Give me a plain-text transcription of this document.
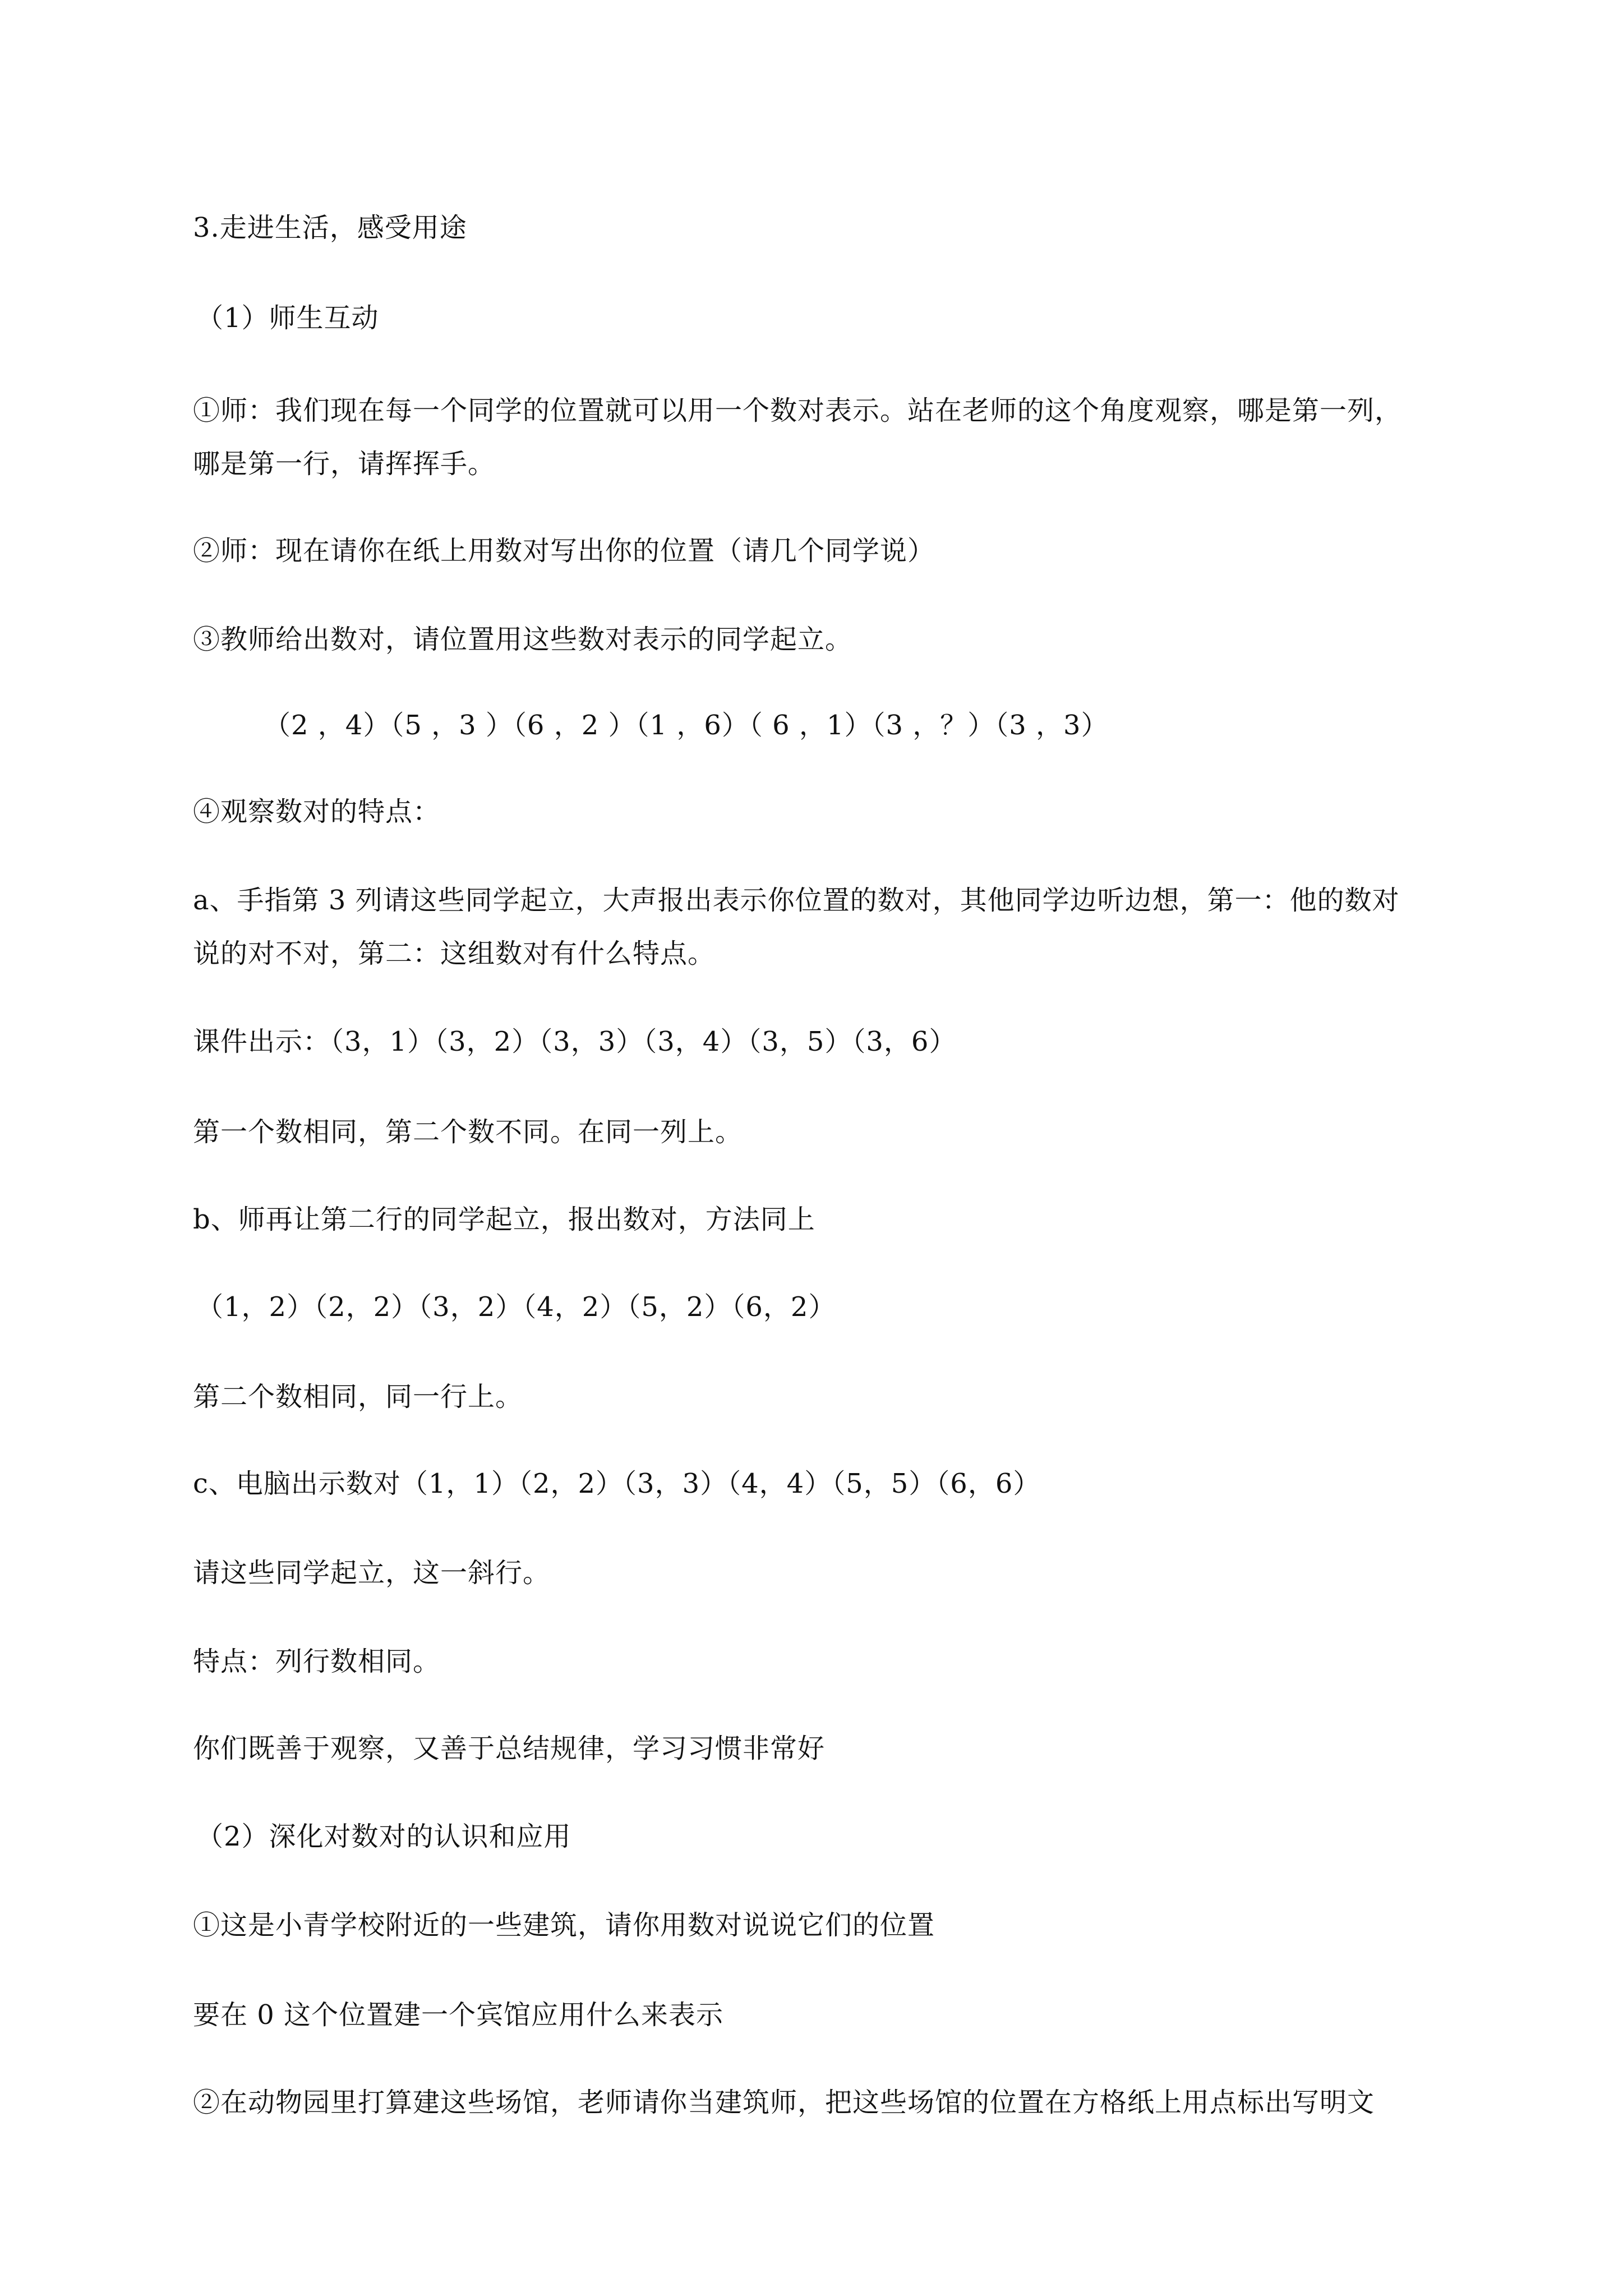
3.走进生活，感受用途
（1）师生互动
①师：我们现在每一个同学的位置就可以用一个数对表示。站在老师的这个角度观察，哪是第一列，
哪是第一行，请挥挥手。
②师：现在请你在纸上用数对写出你的位置（请几个同学说）
③教师给出数对，请位置用这些数对表示的同学起立。
（2 ，4）（5 ，3 ）（6 ，2 ）（1 ，6）（ 6 ，1）（3 ，？）（3 ，3）
④观察数对的特点：
a、手指第 3 列请这些同学起立，大声报出表示你位置的数对，其他同学边听边想，第一：他的数对
说的对不对，第二：这组数对有什么特点。
课件出示：（3，1）（3，2）（3，3）（3，4）（3，5）（3，6）
第一个数相同，第二个数不同。在同一列上。
b、师再让第二行的同学起立，报出数对，方法同上
（1，2）（2，2）（3，2）（4，2）（5，2）（6，2）
第二个数相同，同一行上。
c、电脑出示数对（1，1）（2，2）（3，3）（4，4）（5，5）（6，6）
请这些同学起立，这一斜行。
特点：列行数相同。
你们既善于观察，又善于总结规律，学习习惯非常好
（2）深化对数对的认识和应用
①这是小青学校附近的一些建筑，请你用数对说说它们的位置
要在 0 这个位置建一个宾馆应用什么来表示
②在动物园里打算建这些场馆，老师请你当建筑师，把这些场馆的位置在方格纸上用点标出写明文
